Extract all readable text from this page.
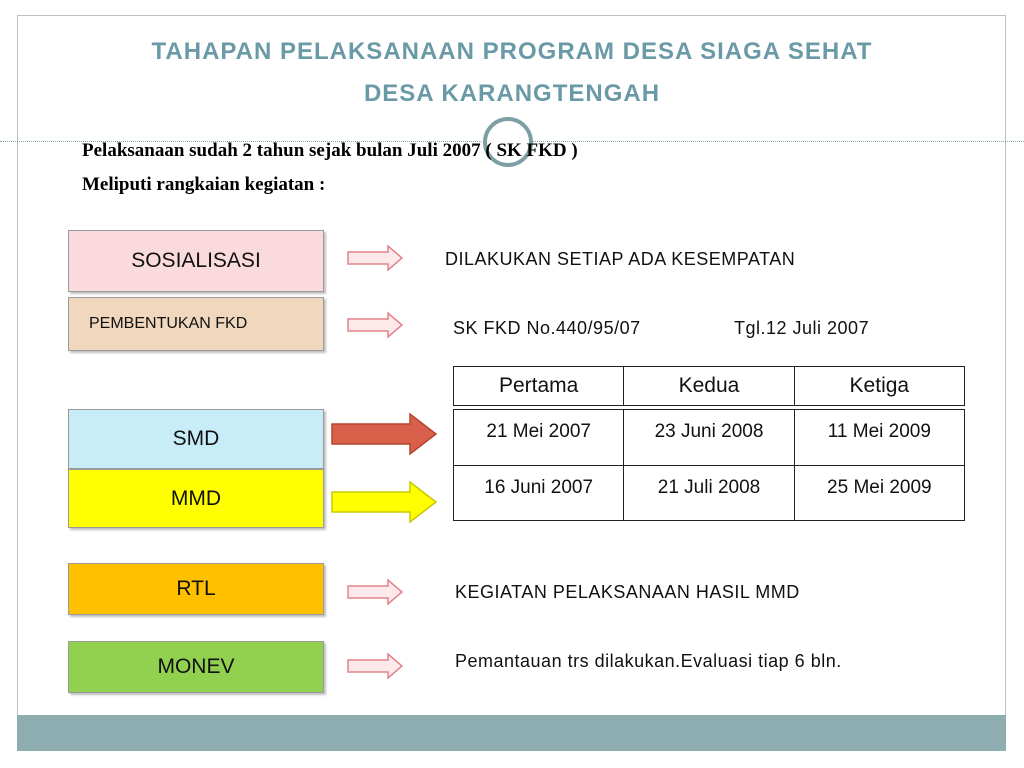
TAHAPAN PELAKSANAAN PROGRAM DESA SIAGA SEHAT
DESA KARANGTENGAH
Pelaksanaan sudah 2 tahun sejak bulan Juli 2007 ( SK FKD )
Meliputi rangkaian kegiatan :
SOSIALISASI
PEMBENTUKAN FKD
SMD
MMD
RTL
MONEV
DILAKUKAN SETIAP ADA KESEMPATAN
SK FKD No.440/95/07	Tgl.12 Juli 2007
KEGIATAN PELAKSANAAN HASIL MMD
Pemantauan trs dilakukan.Evaluasi tiap 6 bln.
Pertama	Kedua	Ketiga
21 Mei 2007	23 Juni 2008	11 Mei 2009
16 Juni 2007	21 Juli 2008	25 Mei 2009
